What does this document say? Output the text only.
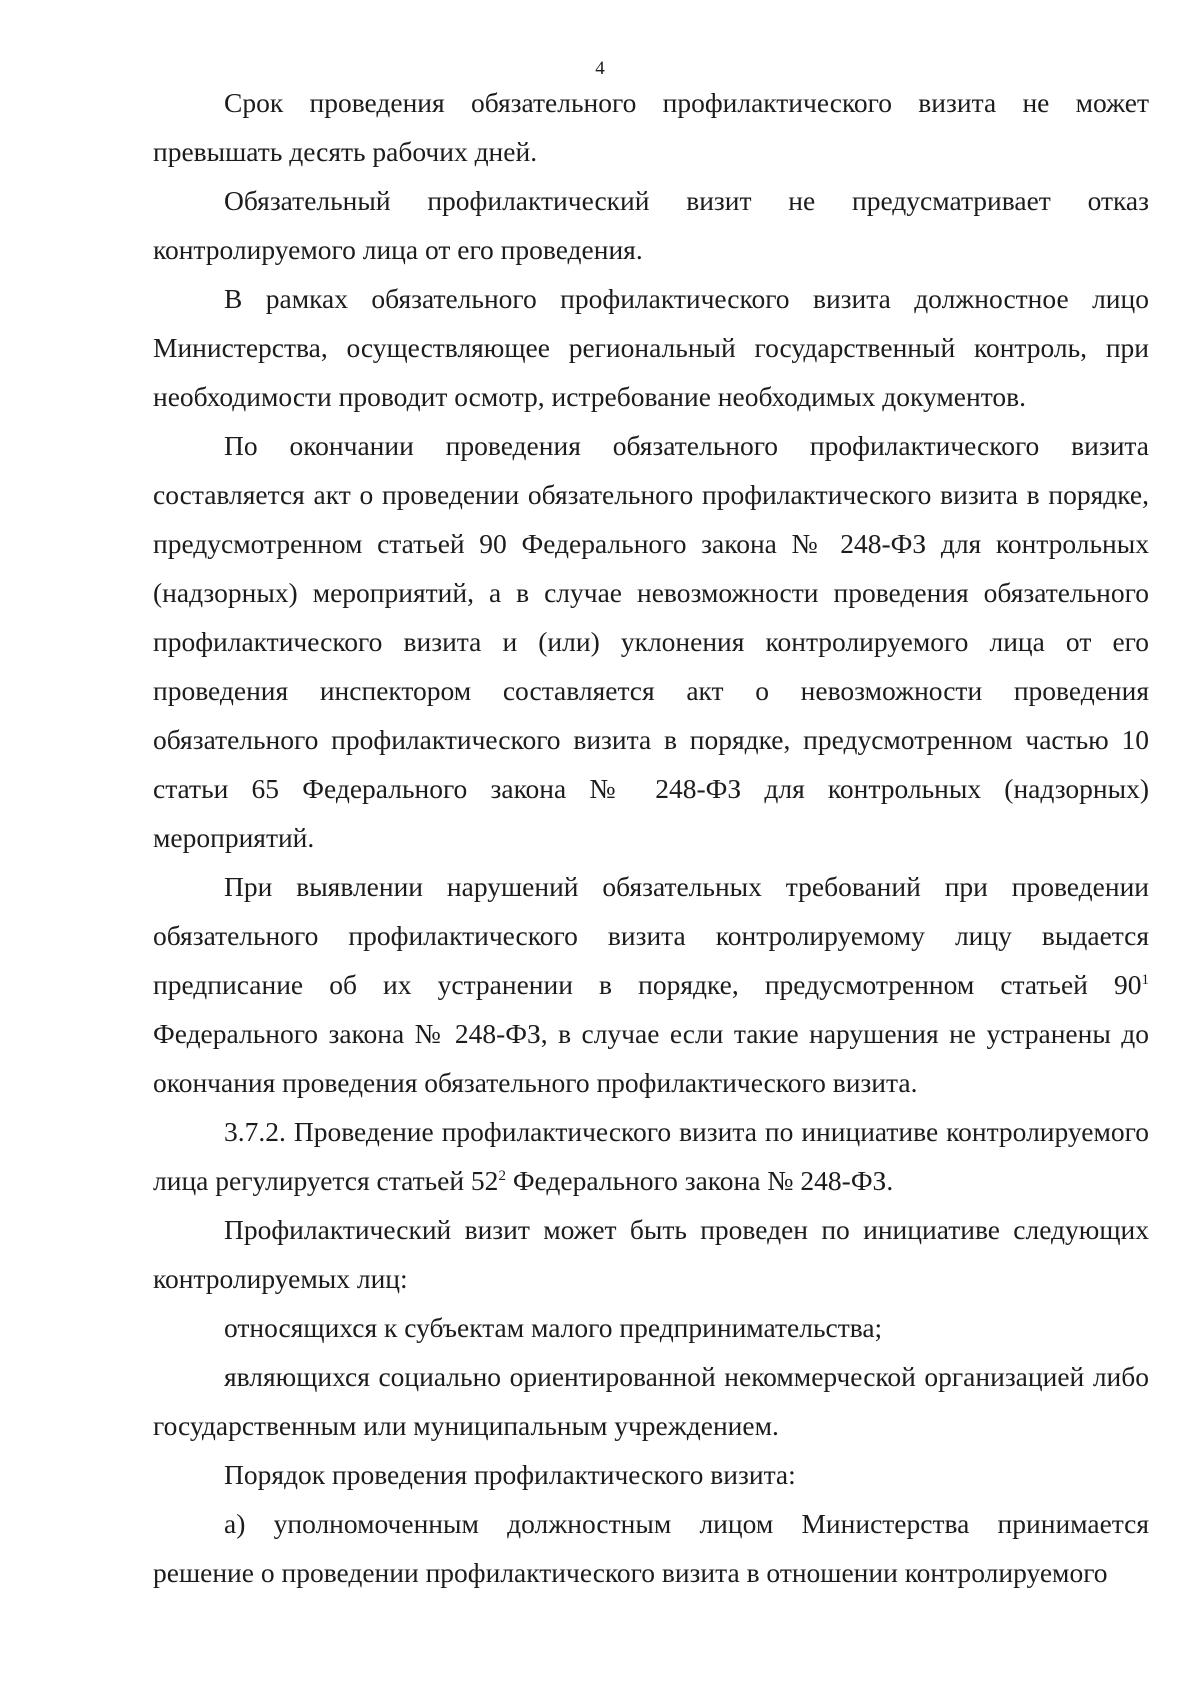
4

Срок проведения обязательного профилактического визита не может превышать десять рабочих дней.

Обязательный профилактический визит не предусматривает отказ контролируемого лица от его проведения.

В рамках обязательного профилактического визита должностное лицо Министерства, осуществляющее региональный государственный контроль, при необходимости проводит осмотр, истребование необходимых документов.

По окончании проведения обязательного профилактического визита составляется акт о проведении обязательного профилактического визита в порядке, предусмотренном статьей 90 Федерального закона № 248-ФЗ для контрольных (надзорных) мероприятий, а в случае невозможности проведения обязательного профилактического визита и (или) уклонения контролируемого лица от его проведения инспектором составляется акт о невозможности проведения обязательного профилактического визита в порядке, предусмотренном частью 10 статьи 65 Федерального закона № 248-ФЗ для контрольных (надзорных) мероприятий.

При выявлении нарушений обязательных требований при проведении обязательного профилактического визита контролируемому лицу выдается предписание об их устранении в порядке, предусмотренном статьей $90^1$ Федерального закона № 248-ФЗ, в случае если такие нарушения не устранены до окончания проведения обязательного профилактического визита.

3.7.2. Проведение профилактического визита по инициативе контролируемого лица регулируется статьей $52^2$ Федерального закона № 248-ФЗ.

Профилактический визит может быть проведен по инициативе следующих контролируемых лиц:

относящихся к субъектам малого предпринимательства;

являющихся социально ориентированной некоммерческой организацией либо государственным или муниципальным учреждением.

Порядок проведения профилактического визита:

а) уполномоченным должностным лицом Министерства принимается решение о проведении профилактического визита в отношении контролируемого
